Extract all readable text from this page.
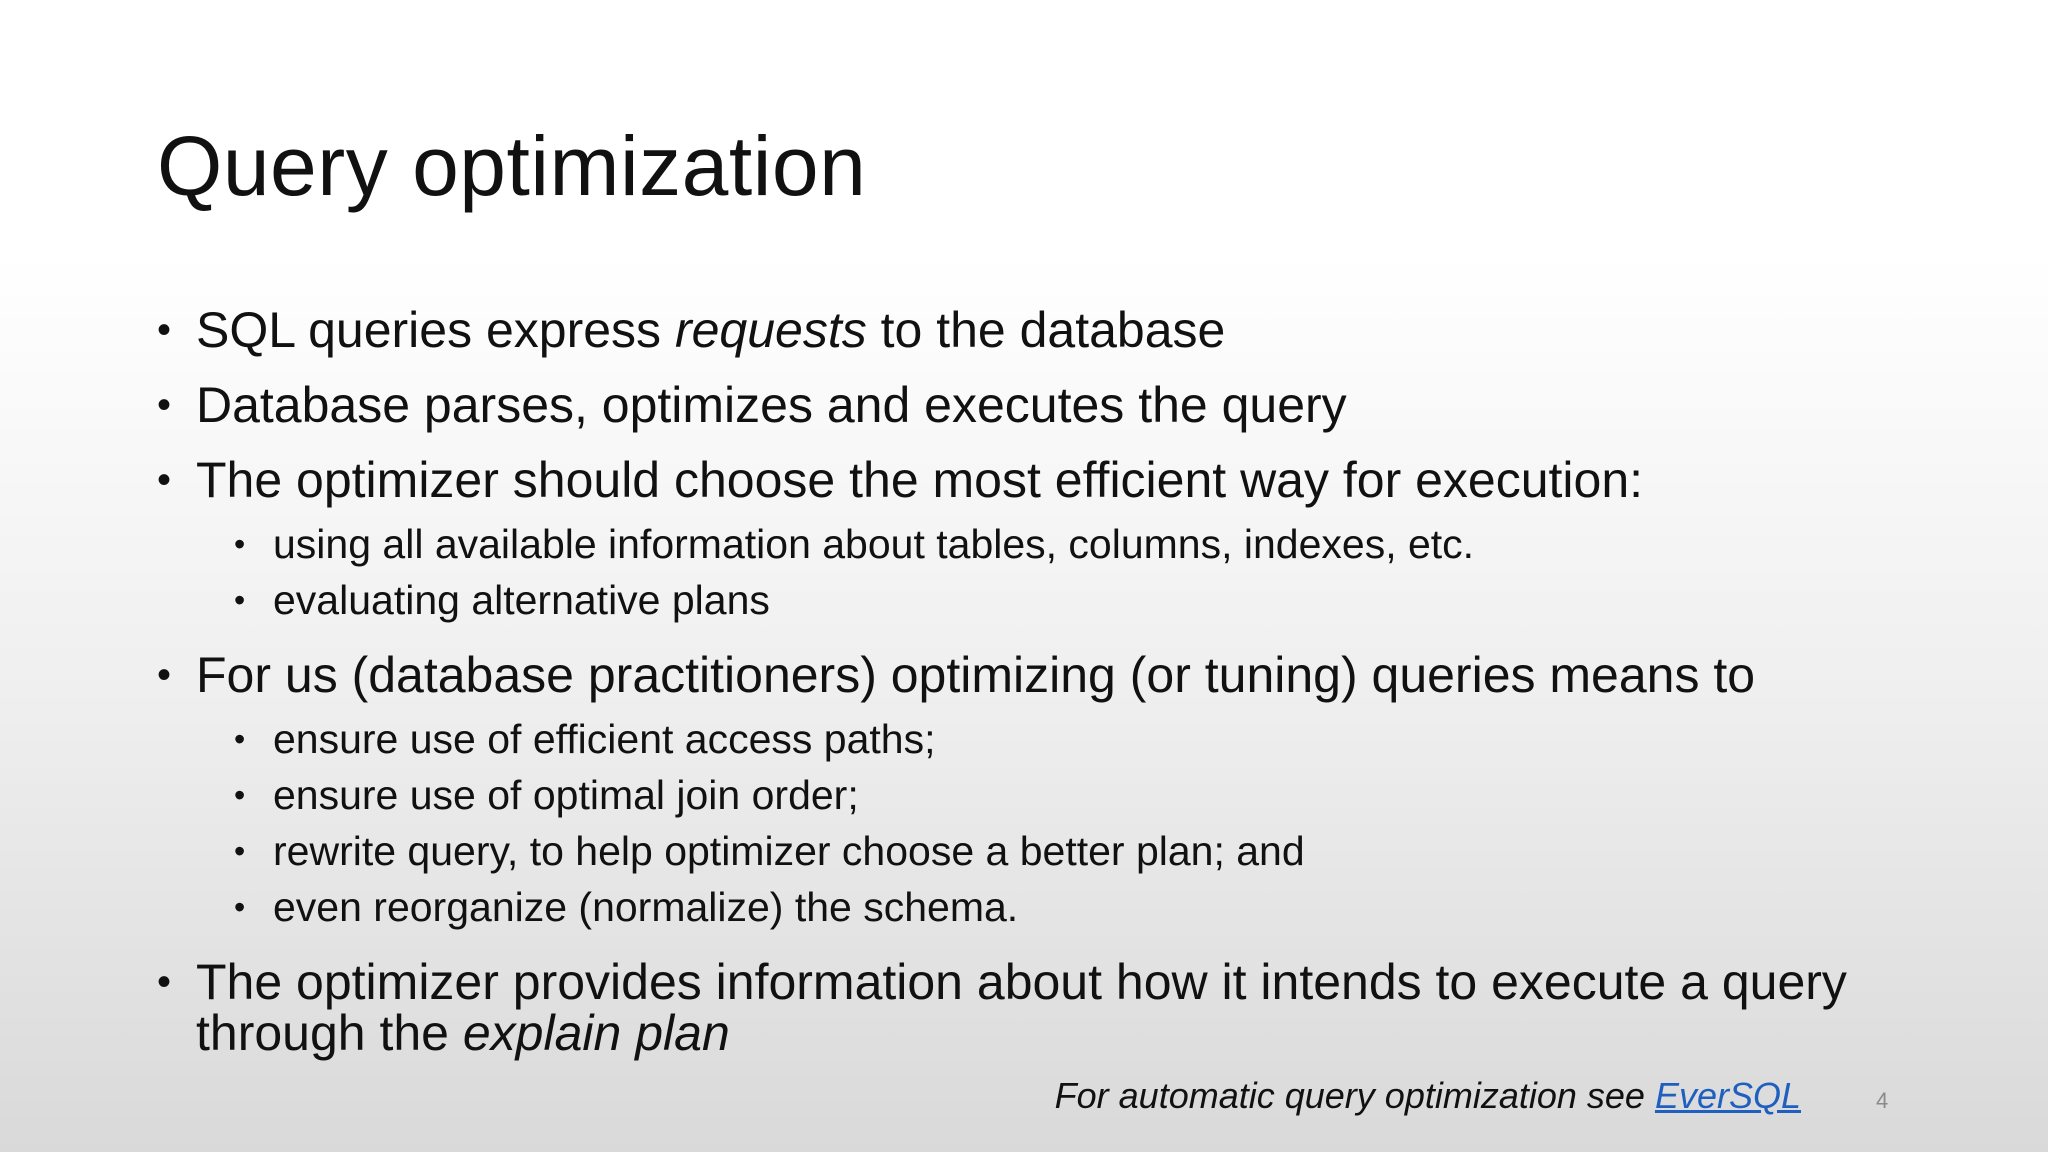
Query optimization
• SQL queries express requests to the database
• Database parses, optimizes and executes the query
• The optimizer should choose the most efficient way for execution:
• using all available information about tables, columns, indexes, etc.
• evaluating alternative plans
• For us (database practitioners) optimizing (or tuning) queries means to
• ensure use of efficient access paths;
• ensure use of optimal join order;
• rewrite query, to help optimizer choose a better plan; and
• even reorganize (normalize) the schema.
• The optimizer provides information about how it intends to execute a query through the explain plan
For automatic query optimization see EverSQL	4
